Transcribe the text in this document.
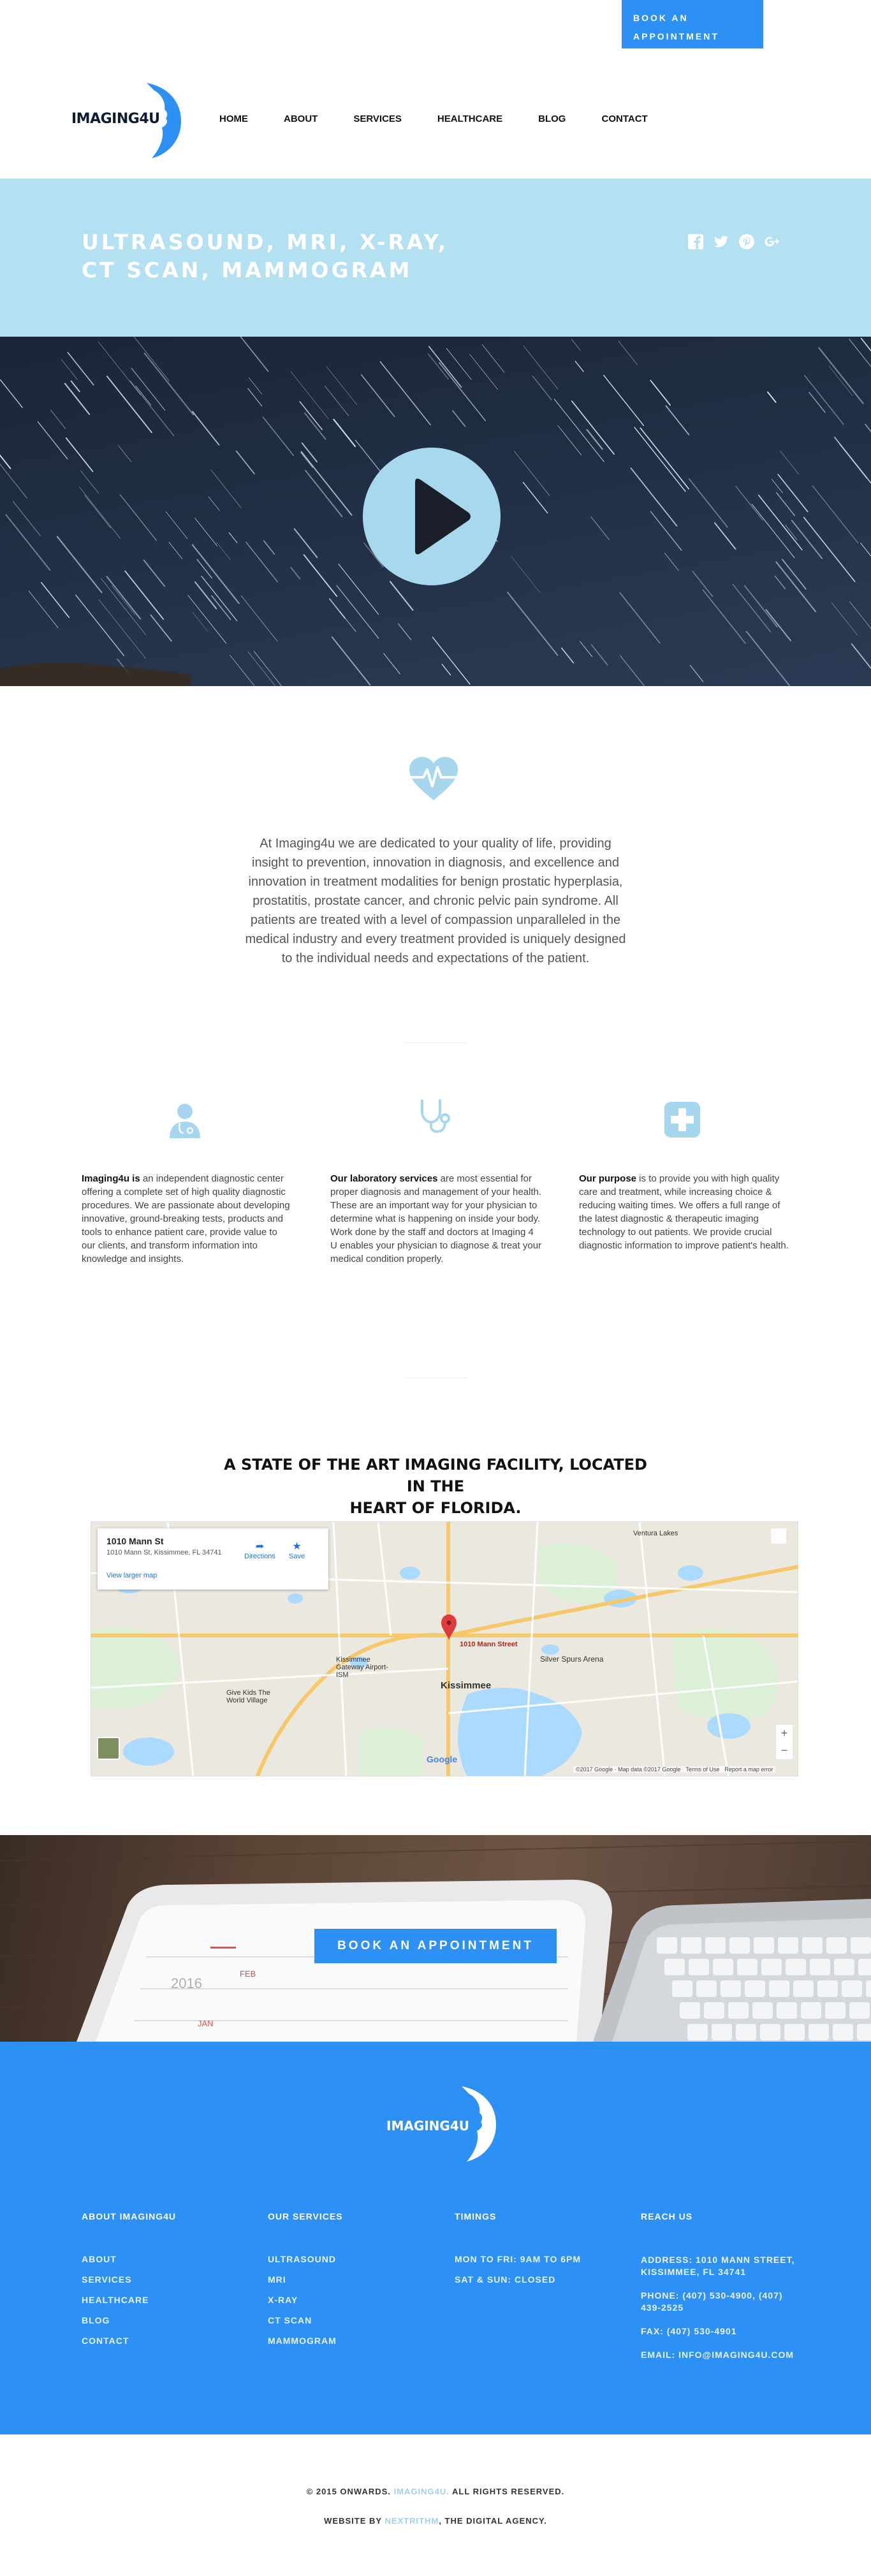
BOOK AN APPOINTMENT
IMAGING4U	HOME	ABOUT	SERVICES	HEALTHCARE	BLOG	CONTACT
ULTRASOUND, MRI, X-RAY,
CT SCAN, MAMMOGRAM
At Imaging4u we are dedicated to your quality of life, providing insight to prevention, innovation in diagnosis, and excellence and innovation in treatment modalities for benign prostatic hyperplasia, prostatitis, prostate cancer, and chronic pelvic pain syndrome. All patients are treated with a level of compassion unparalleled in the medical industry and every treatment provided is uniquely designed to the individual needs and expectations of the patient.
Imaging4u is an independent diagnostic center offering a complete set of high quality diagnostic procedures. We are passionate about developing innovative, ground-breaking tests, products and tools to enhance patient care, provide value to our clients, and transform information into knowledge and insights.
Our laboratory services are most essential for proper diagnosis and management of your health. These are an important way for your physician to determine what is happening on inside your body. Work done by the staff and doctors at Imaging 4 U enables your physician to diagnose & treat your medical condition properly.
Our purpose is to provide you with high quality care and treatment, while increasing choice & reducing waiting times. We offers a full range of the latest diagnostic & therapeutic imaging technology to out patients. We provide crucial diagnostic information to improve patient's health.
A STATE OF THE ART IMAGING FACILITY, LOCATED IN THE
HEART OF FLORIDA.
1010 Mann St
1010 Mann St, Kissimmee, FL 34741
View larger map
➦
Directions
★
Save
1010 Mann Street
Kissimmee
Silver Spurs Arena
Kissimmee Gateway Airport-ISM
Give Kids The World Village
Ventura Lakes
Google
©2017 Google · Map data ©2017 Google Terms of Use Report a map error
+
−
2016
FEB
JAN
BOOK AN APPOINTMENT
IMAGING4U
ABOUT IMAGING4U	OUR SERVICES	TIMINGS	REACH US
ABOUT
SERVICES
HEALTHCARE
BLOG
CONTACT
ULTRASOUND
MRI
X-RAY
CT SCAN
MAMMOGRAM
MON TO FRI: 9AM TO 6PM
SAT & SUN: CLOSED
ADDRESS: 1010 MANN STREET, KISSIMMEE, FL 34741
PHONE: (407) 530-4900, (407) 439-2525
FAX: (407) 530-4901
EMAIL: INFO@IMAGING4U.COM
© 2015 ONWARDS. IMAGING4U. ALL RIGHTS RESERVED.
WEBSITE BY NEXTRITHM, THE DIGITAL AGENCY.
